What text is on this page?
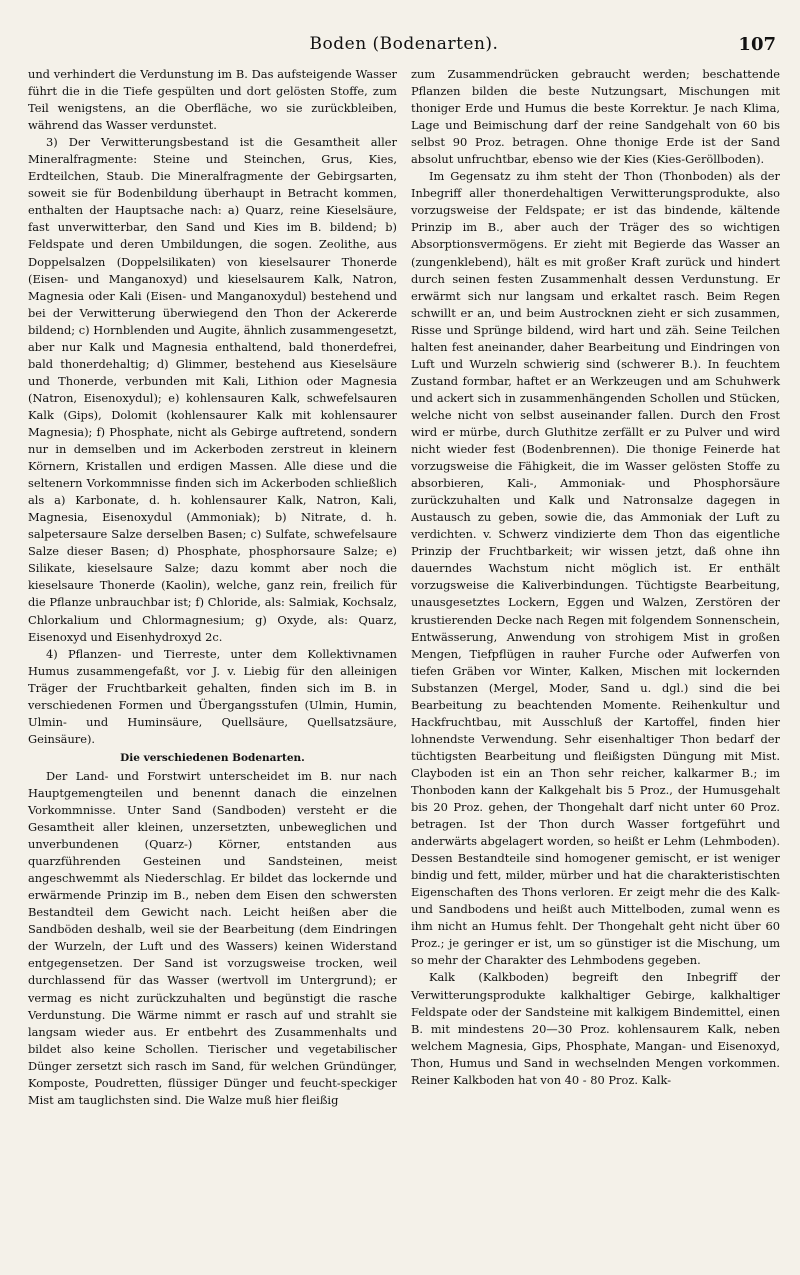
Boden (Bodenarten).	107

und verhindert die Verdunstung im B. Das aufsteigende Wasser führt die in die Tiefe gespülten und dort gelösten Stoffe, zum Teil wenigstens, an die Oberfläche, wo sie zurückbleiben, während das Wasser verdunstet.

3) Der Verwitterungsbestand ist die Gesamtheit aller Mineralfragmente: Steine und Steinchen, Grus, Kies, Erdteilchen, Staub. Die Mineralfragmente der Gebirgsarten, soweit sie für Bodenbildung überhaupt in Betracht kommen, enthalten der Hauptsache nach: a) Quarz, reine Kieselsäure, fast unverwitterbar, den Sand und Kies im B. bildend; b) Feldspate und deren Umbildungen, die sogen. Zeolithe, aus Doppelsalzen (Doppelsilikaten) von kieselsaurer Thonerde (Eisen- und Manganoxyd) und kieselsaurem Kalk, Natron, Magnesia oder Kali (Eisen- und Manganoxydul) bestehend und bei der Verwitterung überwiegend den Thon der Ackererde bildend; c) Hornblenden und Augite, ähnlich zusammengesetzt, aber nur Kalk und Magnesia enthaltend, bald thonerdefrei, bald thonerdehaltig; d) Glimmer, bestehend aus Kieselsäure und Thonerde, verbunden mit Kali, Lithion oder Magnesia (Natron, Eisenoxydul); e) kohlensauren Kalk, schwefelsauren Kalk (Gips), Dolomit (kohlensaurer Kalk mit kohlensaurer Magnesia); f) Phosphate, nicht als Gebirge auftretend, sondern nur in demselben und im Ackerboden zerstreut in kleinern Körnern, Kristallen und erdigen Massen. Alle diese und die seltenern Vorkommnisse finden sich im Ackerboden schließlich als a) Karbonate, d. h. kohlensaurer Kalk, Natron, Kali, Magnesia, Eisenoxydul (Ammoniak); b) Nitrate, d. h. salpetersaure Salze derselben Basen; c) Sulfate, schwefelsaure Salze dieser Basen; d) Phosphate, phosphorsaure Salze; e) Silikate, kieselsaure Salze; dazu kommt aber noch die kieselsaure Thonerde (Kaolin), welche, ganz rein, freilich für die Pflanze unbrauchbar ist; f) Chloride, als: Salmiak, Kochsalz, Chlorkalium und Chlormagnesium; g) Oxyde, als: Quarz, Eisenoxyd und Eisenhydroxyd 2c.

4) Pflanzen- und Tierreste, unter dem Kollektivnamen Humus zusammengefaßt, vor J. v. Liebig für den alleinigen Träger der Fruchtbarkeit gehalten, finden sich im B. in verschiedenen Formen und Übergangsstufen (Ulmin, Humin, Ulmin- und Huminsäure, Quellsäure, Quellsatzsäure, Geinsäure).

Die verschiedenen Bodenarten.

Der Land- und Forstwirt unterscheidet im B. nur nach Hauptgemengteilen und benennt danach die einzelnen Vorkommnisse. Unter Sand (Sandboden) versteht er die Gesamtheit aller kleinen, unzersetzten, unbeweglichen und unverbundenen (Quarz-) Körner, entstanden aus quarzführenden Gesteinen und Sandsteinen, meist angeschwemmt als Niederschlag. Er bildet das lockernde und erwärmende Prinzip im B., neben dem Eisen den schwersten Bestandteil dem Gewicht nach. Leicht heißen aber die Sandböden deshalb, weil sie der Bearbeitung (dem Eindringen der Wurzeln, der Luft und des Wassers) keinen Widerstand entgegensetzen. Der Sand ist vorzugsweise trocken, weil durchlassend für das Wasser (wertvoll im Untergrund); er vermag es nicht zurückzuhalten und begünstigt die rasche Verdunstung. Die Wärme nimmt er rasch auf und strahlt sie langsam wieder aus. Er entbehrt des Zusammenhalts und bildet also keine Schollen. Tierischer und vegetabilischer Dünger zersetzt sich rasch im Sand, für welchen Gründünger, Komposte, Poudretten, flüssiger Dünger und feucht-speckiger Mist am tauglichsten sind. Die Walze muß hier fleißig

zum Zusammendrücken gebraucht werden; beschattende Pflanzen bilden die beste Nutzungsart, Mischungen mit thoniger Erde und Humus die beste Korrektur. Je nach Klima, Lage und Beimischung darf der reine Sandgehalt von 60 bis selbst 90 Proz. betragen. Ohne thonige Erde ist der Sand absolut unfruchtbar, ebenso wie der Kies (Kies-Geröllboden).

Im Gegensatz zu ihm steht der Thon (Thonboden) als der Inbegriff aller thonerdehaltigen Verwitterungsprodukte, also vorzugsweise der Feldspate; er ist das bindende, kältende Prinzip im B., aber auch der Träger des so wichtigen Absorptionsvermögens. Er zieht mit Begierde das Wasser an (zungenklebend), hält es mit großer Kraft zurück und hindert durch seinen festen Zusammenhalt dessen Verdunstung. Er erwärmt sich nur langsam und erkaltet rasch. Beim Regen schwillt er an, und beim Austrocknen zieht er sich zusammen, Risse und Sprünge bildend, wird hart und zäh. Seine Teilchen halten fest aneinander, daher Bearbeitung und Eindringen von Luft und Wurzeln schwierig sind (schwerer B.). In feuchtem Zustand formbar, haftet er an Werkzeugen und am Schuhwerk und ackert sich in zusammenhängenden Schollen und Stücken, welche nicht von selbst auseinander fallen. Durch den Frost wird er mürbe, durch Gluthitze zerfällt er zu Pulver und wird nicht wieder fest (Bodenbrennen). Die thonige Feinerde hat vorzugsweise die Fähigkeit, die im Wasser gelösten Stoffe zu absorbieren, Kali-, Ammoniak- und Phosphorsäure zurückzuhalten und Kalk und Natronsalze dagegen in Austausch zu geben, sowie die, das Ammoniak der Luft zu verdichten. v. Schwerz vindizierte dem Thon das eigentliche Prinzip der Fruchtbarkeit; wir wissen jetzt, daß ohne ihn dauerndes Wachstum nicht möglich ist. Er enthält vorzugsweise die Kaliverbindungen. Tüchtigste Bearbeitung, unausgesetztes Lockern, Eggen und Walzen, Zerstören der krustierenden Decke nach Regen mit folgendem Sonnenschein, Entwässerung, Anwendung von strohigem Mist in großen Mengen, Tiefpflügen in rauher Furche oder Aufwerfen von tiefen Gräben vor Winter, Kalken, Mischen mit lockernden Substanzen (Mergel, Moder, Sand u. dgl.) sind die bei Bearbeitung zu beachtenden Momente. Reihenkultur und Hackfruchtbau, mit Ausschluß der Kartoffel, finden hier lohnendste Verwendung. Sehr eisenhaltiger Thon bedarf der tüchtigsten Bearbeitung und fleißigsten Düngung mit Mist. Clayboden ist ein an Thon sehr reicher, kalkarmer B.; im Thonboden kann der Kalkgehalt bis 5 Proz., der Humusgehalt bis 20 Proz. gehen, der Thongehalt darf nicht unter 60 Proz. betragen. Ist der Thon durch Wasser fortgeführt und anderwärts abgelagert worden, so heißt er Lehm (Lehmboden). Dessen Bestandteile sind homogener gemischt, er ist weniger bindig und fett, milder, mürber und hat die charakteristischten Eigenschaften des Thons verloren. Er zeigt mehr die des Kalk- und Sandbodens und heißt auch Mittelboden, zumal wenn es ihm nicht an Humus fehlt. Der Thongehalt geht nicht über 60 Proz.; je geringer er ist, um so günstiger ist die Mischung, um so mehr der Charakter des Lehmbodens gegeben.

Kalk (Kalkboden) begreift den Inbegriff der Verwitterungsprodukte kalkhaltiger Gebirge, kalkhaltiger Feldspate oder der Sandsteine mit kalkigem Bindemittel, einen B. mit mindestens 20—30 Proz. kohlensaurem Kalk, neben welchem Magnesia, Gips, Phosphate, Mangan- und Eisenoxyd, Thon, Humus und Sand in wechselnden Mengen vorkommen. Reiner Kalkboden hat von 40 - 80 Proz. Kalk-
